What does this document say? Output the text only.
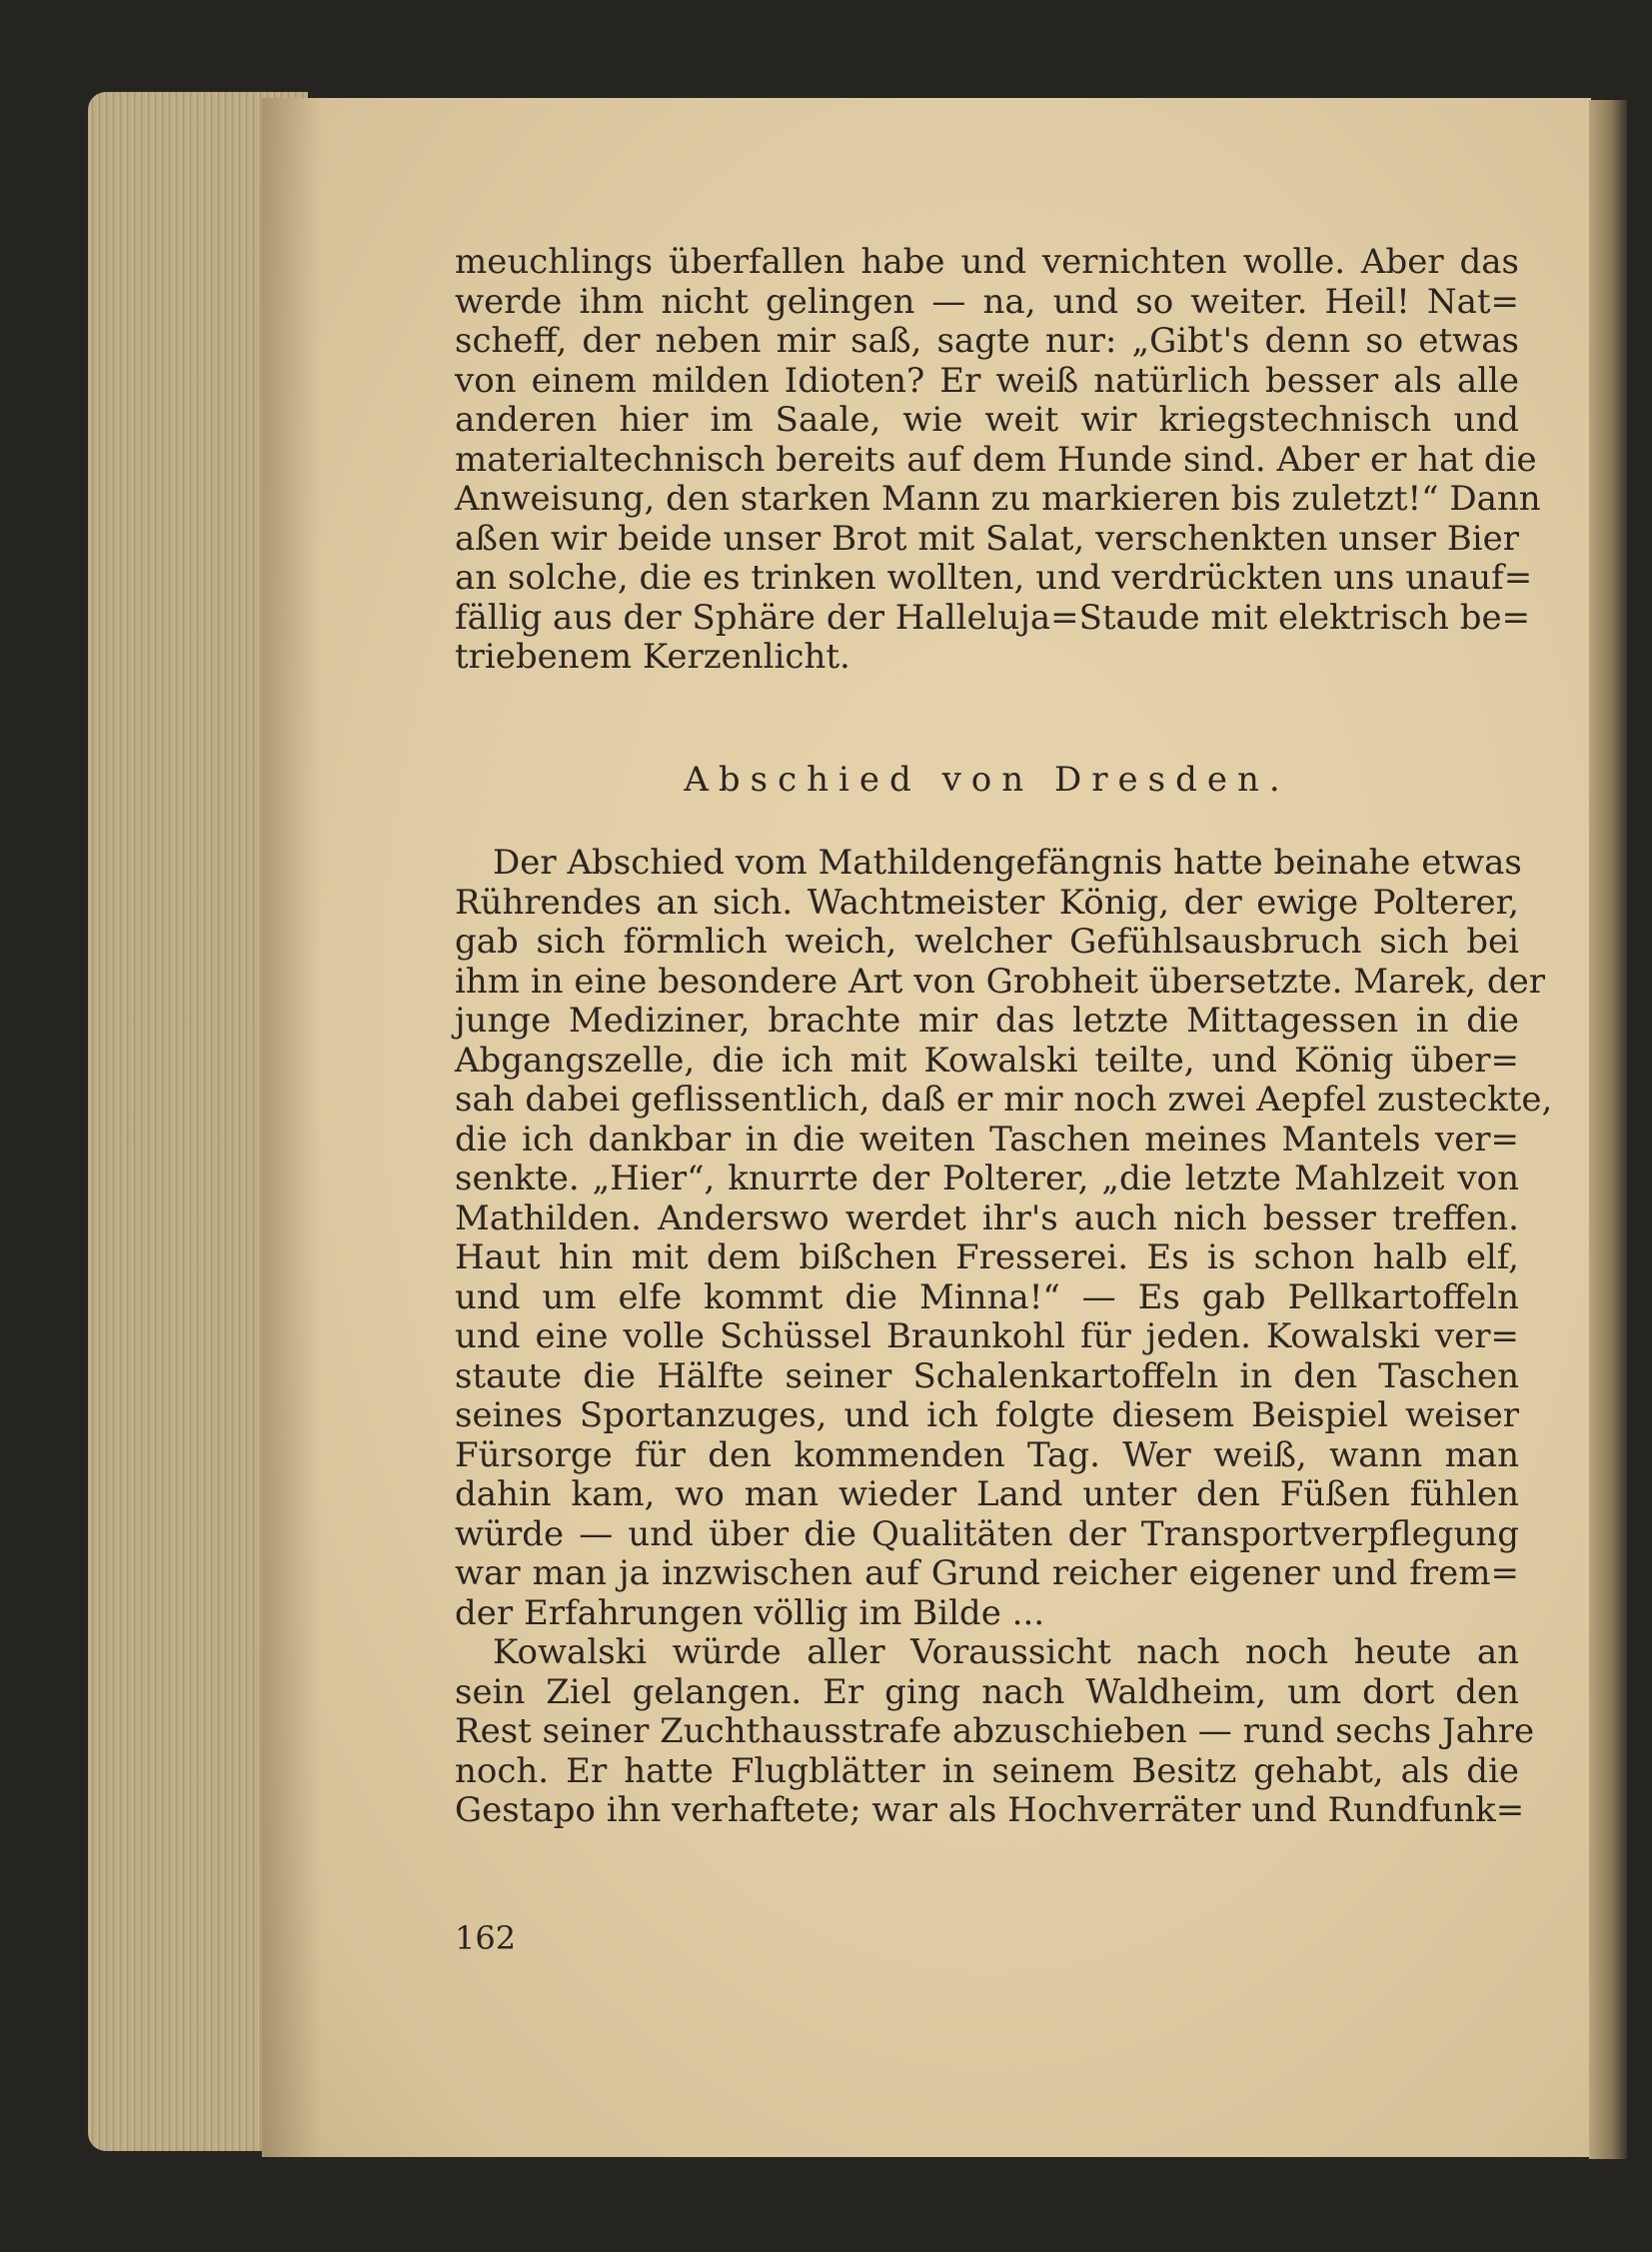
meuchlings überfallen habe und vernichten wolle. Aber das
werde ihm nicht gelingen — na, und so weiter. Heil! Nat=
scheff, der neben mir saß, sagte nur: „Gibt's denn so etwas
von einem milden Idioten? Er weiß natürlich besser als alle
anderen hier im Saale, wie weit wir kriegstechnisch und
materialtechnisch bereits auf dem Hunde sind. Aber er hat die
Anweisung, den starken Mann zu markieren bis zuletzt!“ Dann
aßen wir beide unser Brot mit Salat, verschenkten unser Bier
an solche, die es trinken wollten, und verdrückten uns unauf=
fällig aus der Sphäre der Halleluja=Staude mit elektrisch be=
triebenem Kerzenlicht.
Abschied von Dresden.
Der Abschied vom Mathildengefängnis hatte beinahe etwas
Rührendes an sich. Wachtmeister König, der ewige Polterer,
gab sich förmlich weich, welcher Gefühlsausbruch sich bei
ihm in eine besondere Art von Grobheit übersetzte. Marek, der
junge Mediziner, brachte mir das letzte Mittagessen in die
Abgangszelle, die ich mit Kowalski teilte, und König über=
sah dabei geflissentlich, daß er mir noch zwei Aepfel zusteckte,
die ich dankbar in die weiten Taschen meines Mantels ver=
senkte. „Hier“, knurrte der Polterer, „die letzte Mahlzeit von
Mathilden. Anderswo werdet ihr's auch nich besser treffen.
Haut hin mit dem bißchen Fresserei. Es is schon halb elf,
und um elfe kommt die Minna!“ — Es gab Pellkartoffeln
und eine volle Schüssel Braunkohl für jeden. Kowalski ver=
staute die Hälfte seiner Schalenkartoffeln in den Taschen
seines Sportanzuges, und ich folgte diesem Beispiel weiser
Fürsorge für den kommenden Tag. Wer weiß, wann man
dahin kam, wo man wieder Land unter den Füßen fühlen
würde — und über die Qualitäten der Transportverpflegung
war man ja inzwischen auf Grund reicher eigener und frem=
der Erfahrungen völlig im Bilde ...
Kowalski würde aller Voraussicht nach noch heute an
sein Ziel gelangen. Er ging nach Waldheim, um dort den
Rest seiner Zuchthausstrafe abzuschieben — rund sechs Jahre
noch. Er hatte Flugblätter in seinem Besitz gehabt, als die
Gestapo ihn verhaftete; war als Hochverräter und Rundfunk=
162
